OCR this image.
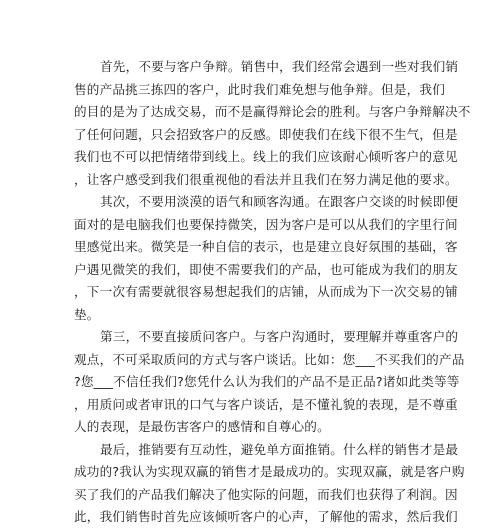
首先，不要与客户争辩。销售中，我们经常会遇到一些对我们销
售的产品挑三拣四的客户，此时我们难免想与他争辩。但是，我们
的目的是为了达成交易，而不是赢得辩论会的胜利。与客户争辩解决不
了任何问题，只会招致客户的反感。即使我们在线下很不生气，但是
我们也不可以把情绪带到线上。线上的我们应该耐心倾听客户的意见
，让客户感受到我们很重视他的看法并且我们在努力满足他的要求。
其次，不要用淡漠的语气和顾客沟通。在跟客户交谈的时候即便
面对的是电脑我们也要保持微笑，因为客户是可以从我们的字里行间
里感觉出来。微笑是一种自信的表示，也是建立良好氛围的基础，客
户遇见微笑的我们，即使不需要我们的产品，也可能成为我们的朋友
，下一次有需要就很容易想起我们的店铺，从而成为下一次交易的铺
垫。
第三，不要直接质问客户。与客户沟通时，要理解并尊重客户的
观点，不可采取质问的方式与客户谈话。比如：您___不买我们的产品
?您___不信任我们?您凭什么认为我们的产品不是正品?诸如此类等等
，用质问或者审讯的口气与客户谈话，是不懂礼貌的表现，是不尊重
人的表现，是最伤害客户的感情和自尊心的。
最后，推销要有互动性，避免单方面推销。什么样的销售才是最
成功的?我认为实现双赢的销售才是最成功的。实现双赢，就是客户购
买了我们的产品我们解决了他实际的问题，而我们也获得了利润。因
此，我们销售时首先应该倾听客户的心声，了解他的需求，然后我们
